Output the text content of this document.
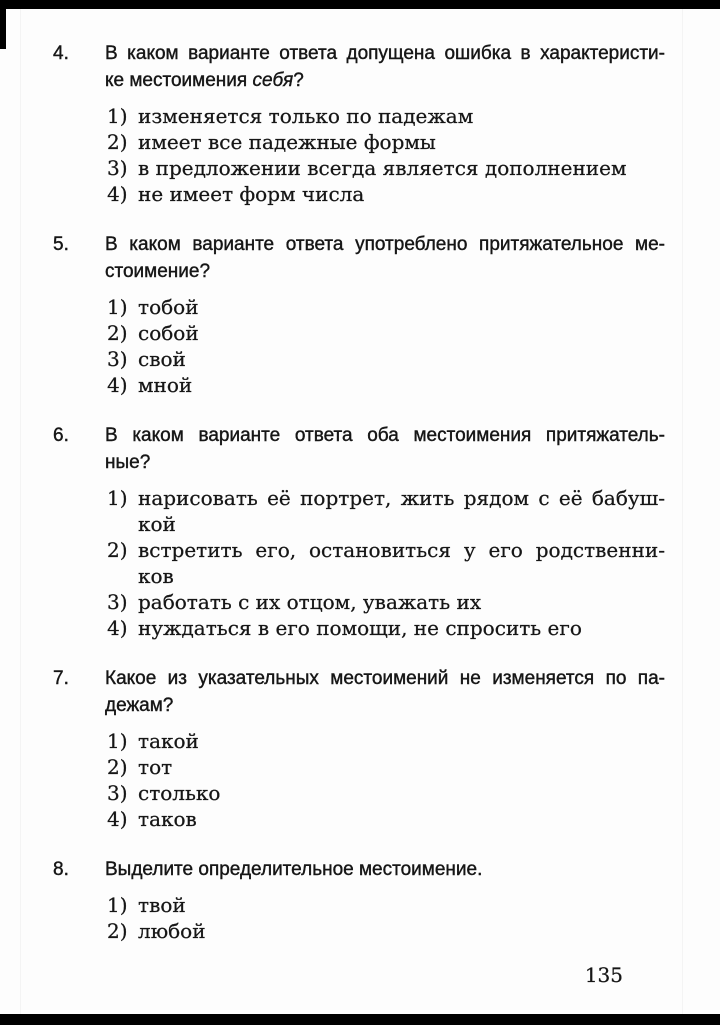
4.	В каком варианте ответа допущена ошибка в характеристи-
ке местоимения себя?
1) изменяется только по падежам
2) имеет все падежные формы
3) в предложении всегда является дополнением
4) не имеет форм числа
5.	В каком варианте ответа употреблено притяжательное ме-
стоимение?
1) тобой
2) собой
3) свой
4) мной
6.	В каком варианте ответа оба местоимения притяжатель-
ные?
1) нарисовать её портрет, жить рядом с её бабуш-
кой
2) встретить его, остановиться у его родственни-
ков
3) работать с их отцом, уважать их
4) нуждаться в его помощи, не спросить его
7.	Какое из указательных местоимений не изменяется по па-
дежам?
1) такой
2) тот
3) столько
4) таков
8.	Выделите определительное местоимение.
1) твой
2) любой
135
